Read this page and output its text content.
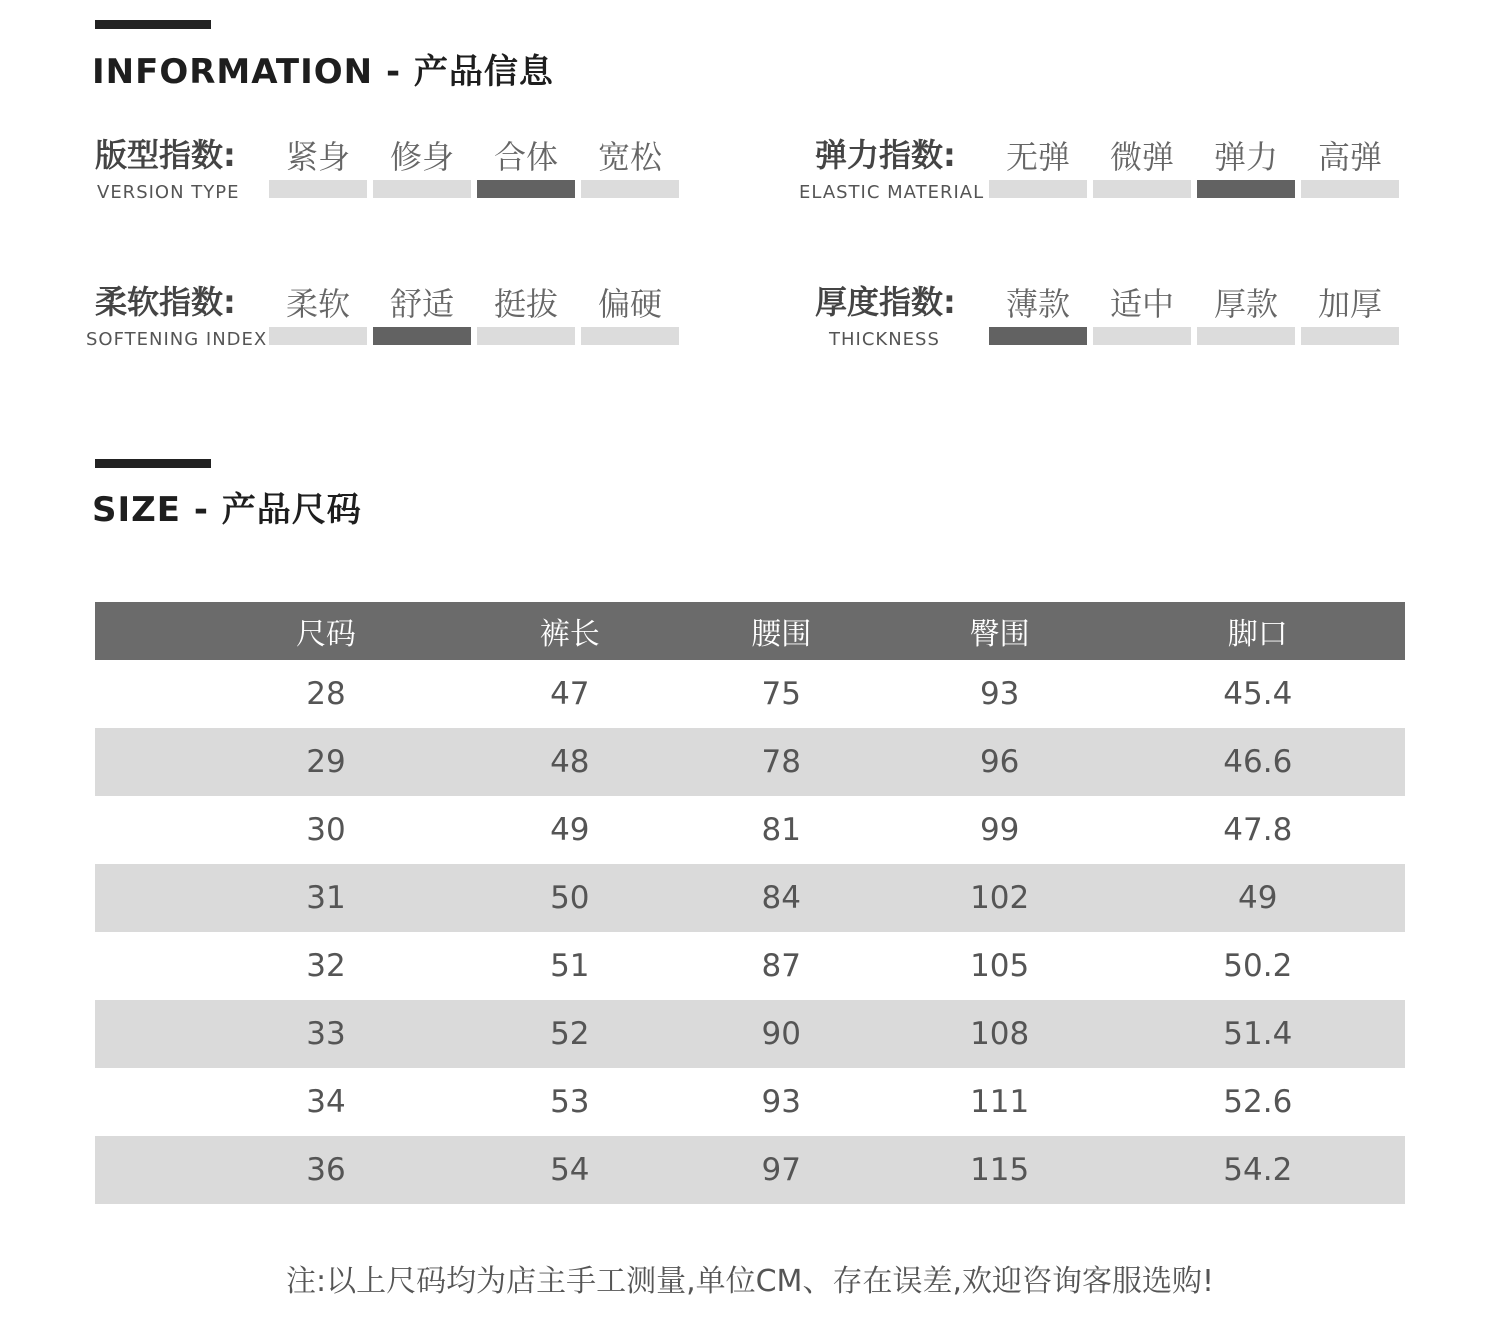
INFORMATION - 产品信息
版型指数:
VERSION TYPE
紧身	修身	合体	宽松	弹力指数:
ELASTIC MATERIAL
无弹	微弹	弹力	高弹
柔软指数:
SOFTENING INDEX
柔软	舒适	挺拔	偏硬	厚度指数:
THICKNESS
薄款	适中	厚款	加厚
SIZE - 产品尺码
尺码	裤长	腰围	臀围	脚口
28	47	75	93	45.4
29	48	78	96	46.6
30	49	81	99	47.8
31	50	84	102	49
32	51	87	105	50.2
33	52	90	108	51.4
34	53	93	111	52.6
36	54	97	115	54.2
注:以上尺码均为店主手工测量,单位CM、存在误差,欢迎咨询客服选购!
